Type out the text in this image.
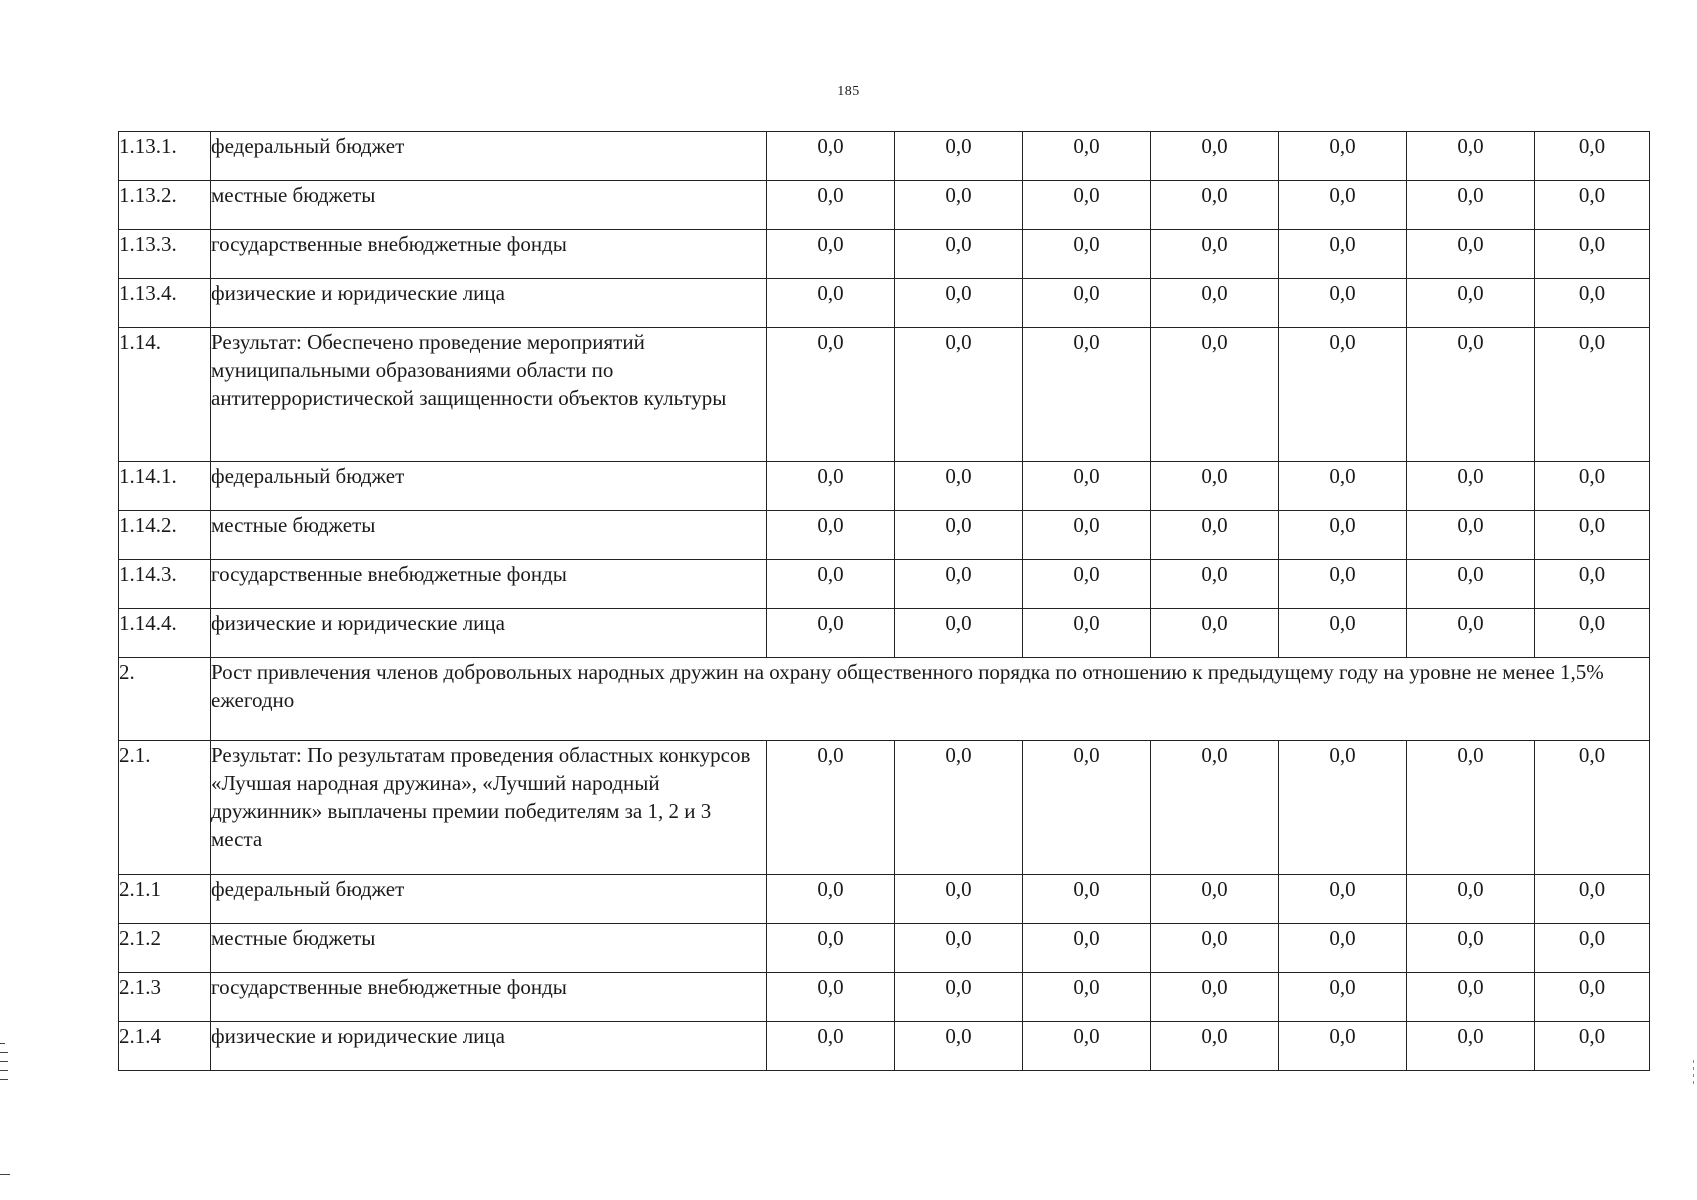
185
1.13.1.	федеральный бюджет	0,0	0,0	0,0	0,0	0,0	0,0	0,0
1.13.2.	местные бюджеты	0,0	0,0	0,0	0,0	0,0	0,0	0,0
1.13.3.	государственные внебюджетные фонды	0,0	0,0	0,0	0,0	0,0	0,0	0,0
1.13.4.	физические и юридические лица	0,0	0,0	0,0	0,0	0,0	0,0	0,0
1.14.	Результат: Обеспечено проведение мероприятий муниципальными образованиями области по антитеррористической защищенности объектов культуры	0,0	0,0	0,0	0,0	0,0	0,0	0,0
1.14.1.	федеральный бюджет	0,0	0,0	0,0	0,0	0,0	0,0	0,0
1.14.2.	местные бюджеты	0,0	0,0	0,0	0,0	0,0	0,0	0,0
1.14.3.	государственные внебюджетные фонды	0,0	0,0	0,0	0,0	0,0	0,0	0,0
1.14.4.	физические и юридические лица	0,0	0,0	0,0	0,0	0,0	0,0	0,0
2.	Рост привлечения членов добровольных народных дружин на охрану общественного порядка по отношению к предыдущему году на уровне не менее 1,5% ежегодно							
2.1.	Результат: По результатам проведения областных конкурсов «Лучшая народная дружина», «Лучший народный дружинник» выплачены премии победителям за 1, 2 и 3 места	0,0	0,0	0,0	0,0	0,0	0,0	0,0
2.1.1	федеральный бюджет	0,0	0,0	0,0	0,0	0,0	0,0	0,0
2.1.2	местные бюджеты	0,0	0,0	0,0	0,0	0,0	0,0	0,0
2.1.3	государственные внебюджетные фонды	0,0	0,0	0,0	0,0	0,0	0,0	0,0
2.1.4	физические и юридические лица	0,0	0,0	0,0	0,0	0,0	0,0	0,0
